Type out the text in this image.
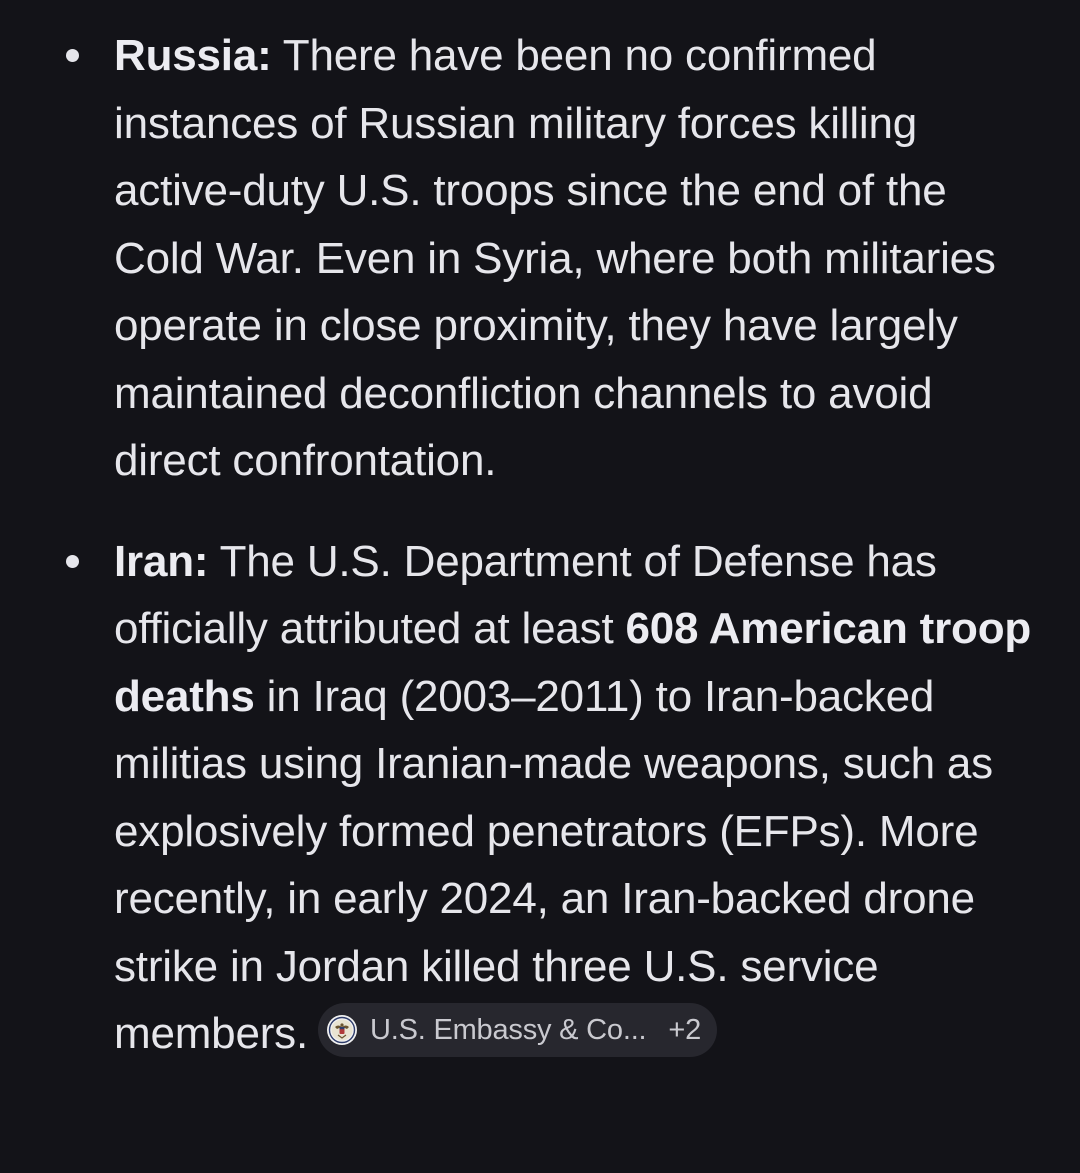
Russia: There have been no confirmed instances of Russian military forces killing active-duty U.S. troops since the end of the Cold War. Even in Syria, where both militaries operate in close proximity, they have largely maintained deconfliction channels to avoid direct confrontation.
Iran: The U.S. Department of Defense has officially attributed at least 608 American troop deaths in Iraq (2003–2011) to Iran-backed militias using Iranian-made weapons, such as explosively formed penetrators (EFPs). More recently, in early 2024, an Iran-backed drone strike in Jordan killed three U.S. service members. U.S. Embassy & Co... +2
